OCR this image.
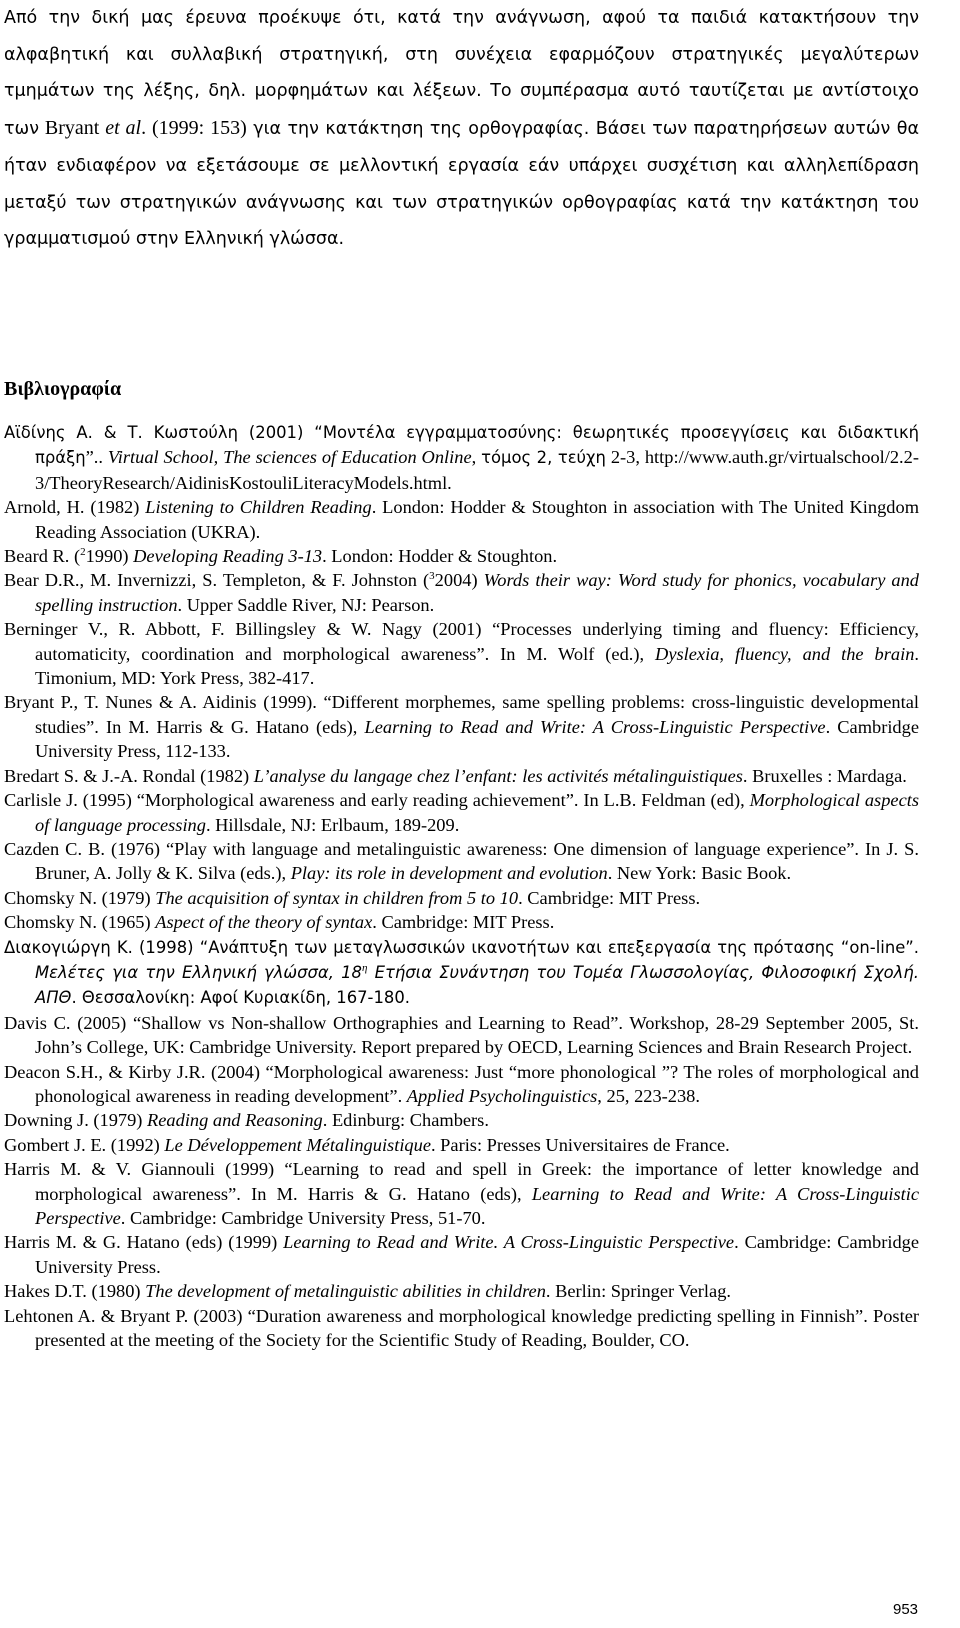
Από την δική μας έρευνα προέκυψε ότι, κατά την ανάγνωση, αφού τα παιδιά κατακτήσουν την αλφαβητική και συλλαβική στρατηγική, στη συνέχεια εφαρμόζουν στρατηγικές μεγαλύτερων τμημάτων της λέξης, δηλ. μορφημάτων και λέξεων. Το συμπέρασμα αυτό ταυτίζεται με αντίστοιχο των Bryant et al. (1999: 153) για την κατάκτηση της ορθογραφίας. Βάσει των παρατηρήσεων αυτών θα ήταν ενδιαφέρον να εξετάσουμε σε μελλοντική εργασία εάν υπάρχει συσχέτιση και αλληλεπίδραση μεταξύ των στρατηγικών ανάγνωσης και των στρατηγικών ορθογραφίας κατά την κατάκτηση του γραμματισμού στην Ελληνική γλώσσα.

Βιβλιογραφία

Αϊδίνης Α. & Τ. Κωστούλη (2001) “Μοντέλα εγγραμματοσύνης: θεωρητικές προσεγγίσεις και διδακτική πράξη”.. Virtual School, The sciences of Education Online, τόμος 2, τεύχη 2-3, http://www.auth.gr/virtualschool/2.2-3/TheoryResearch/AidinisKostouliLiteracyModels.html.

Arnold, H. (1982) Listening to Children Reading. London: Hodder & Stoughton in association with The United Kingdom Reading Association (UKRA).

Beard R. ($^2$1990) Developing Reading 3-13. London: Hodder & Stoughton.

Bear D.R., M. Invernizzi, S. Templeton, & F. Johnston ($^3$2004) Words their way: Word study for phonics, vocabulary and spelling instruction. Upper Saddle River, NJ: Pearson.

Berninger V., R. Abbott, F. Billingsley & W. Nagy (2001) “Processes underlying timing and fluency: Efficiency, automaticity, coordination and morphological awareness”. In M. Wolf (ed.), Dyslexia, fluency, and the brain. Timonium, MD: York Press, 382-417.

Bryant P., T. Nunes & A. Aidinis (1999). “Different morphemes, same spelling problems: cross-linguistic developmental studies”. In M. Harris & G. Hatano (eds), Learning to Read and Write: A Cross-Linguistic Perspective. Cambridge University Press, 112-133.

Bredart S. & J.-A. Rondal (1982) L’analyse du langage chez l’enfant: les activités métalinguistiques. Bruxelles : Mardaga.

Carlisle J. (1995) “Morphological awareness and early reading achievement”. In L.B. Feldman (ed), Morphological aspects of language processing. Hillsdale, NJ: Erlbaum, 189-209.

Cazden C. B. (1976) “Play with language and metalinguistic awareness: One dimension of language experience”. In J. S. Bruner, A. Jolly & K. Silva (eds.), Play: its role in development and evolution. New York: Basic Book.

Chomsky N. (1979) The acquisition of syntax in children from 5 to 10. Cambridge: MIT Press.

Chomsky N. (1965) Aspect of the theory of syntax. Cambridge: MIT Press.

Διακογιώργη Κ. (1998) “Ανάπτυξη των μεταγλωσσικών ικανοτήτων και επεξεργασία της πρότασης “on-line”. Μελέτες για την Ελληνική γλώσσα, $18^\eta$ Ετήσια Συνάντηση του Τομέα Γλωσσολογίας, Φιλοσοφική Σχολή. ΑΠΘ. Θεσσαλονίκη: Αφοί Κυριακίδη, 167-180.

Davis C. (2005) “Shallow vs Non-shallow Orthographies and Learning to Read”. Workshop, 28-29 September 2005, St. John’s College, UK: Cambridge University. Report prepared by OECD, Learning Sciences and Brain Research Project.

Deacon S.H., & Kirby J.R. (2004) “Morphological awareness: Just “more phonological ”? The roles of morphological and phonological awareness in reading development”. Applied Psycholinguistics, 25, 223-238.

Downing J. (1979) Reading and Reasoning. Edinburg: Chambers.

Gombert J. E. (1992) Le Développement Métalinguistique. Paris: Presses Universitaires de France.

Harris M. & V. Giannouli (1999) “Learning to read and spell in Greek: the importance of letter knowledge and morphological awareness”. In M. Harris & G. Hatano (eds), Learning to Read and Write: A Cross-Linguistic Perspective. Cambridge: Cambridge University Press, 51-70.

Harris M. & G. Hatano (eds) (1999) Learning to Read and Write. A Cross-Linguistic Perspective. Cambridge: Cambridge University Press.

Hakes D.T. (1980) The development of metalinguistic abilities in children. Berlin: Springer Verlag.

Lehtonen A. & Bryant P. (2003) “Duration awareness and morphological knowledge predicting spelling in Finnish”. Poster presented at the meeting of the Society for the Scientific Study of Reading, Boulder, CO.

953
